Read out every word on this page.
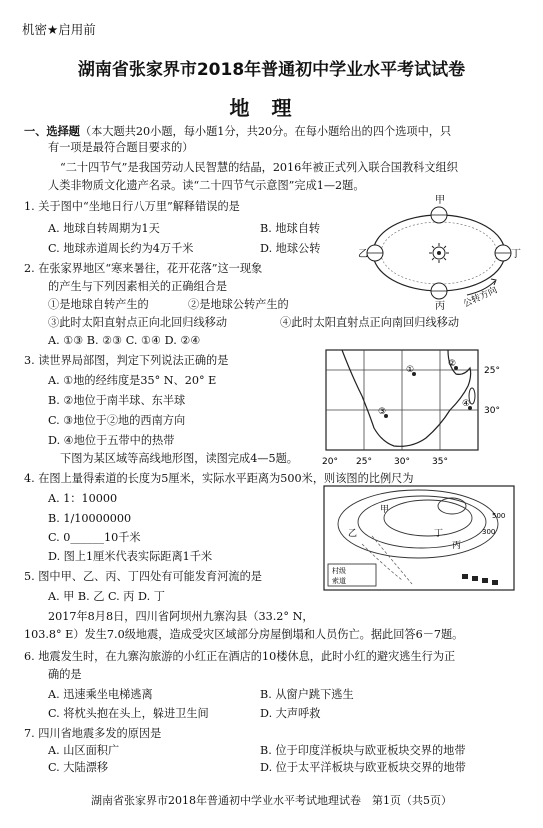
机密★启用前
湖南省张家界市2018年普通初中学业水平考试试卷
地理
一、选择题（本大题共20小题，每小题1分，共20分。在每小题给出的四个选项中，只
有一项是最符合题目要求的）
“二十四节气”是我国劳动人民智慧的结晶，2016年被正式列入联合国教科文组织
人类非物质文化遗产名录。读“二十四节气示意图”完成1—2题。
1. 关于图中“坐地日行八万里”解释错误的是
A. 地球自转周期为1天	B. 地球自转
C. 地球赤道周长约为4万千米	D. 地球公转
2. 在张家界地区“寒来暑往，花开花落”这一现象
的产生与下列因素相关的正确组合是
①是地球自转产生的	②是地球公转产生的
③此时太阳直射点正向北回归线移动	④此时太阳直射点正向南回归线移动
A. ①③ B. ②③ C. ①④ D. ②④
3. 读世界局部图，判定下列说法正确的是
A. ①地的经纬度是35° N、20° E
B. ②地位于南半球、东半球
C. ③地位于②地的西南方向
D. ④地位于五带中的热带
下图为某区域等高线地形图，读图完成4—5题。
4. 在图上量得索道的长度为5厘米，实际水平距离为500米，则该图的比例尺为
A. 1：10000
B. 1/10000000
C. 0______10千米
D. 图上1厘米代表实际距离1千米
5. 图中甲、乙、丙、丁四处有可能发育河流的是
A. 甲 B. 乙 C. 丙 D. 丁
2017年8月8日，四川省阿坝州九寨沟县（33.2° N，
103.8° E）发生7.0级地震，造成受灾区域部分房屋倒塌和人员伤亡。据此回答6－7题。
6. 地震发生时，在九寨沟旅游的小红正在酒店的10楼休息，此时小红的避灾逃生行为正
确的是
A. 迅速乘坐电梯逃离	B. 从窗户跳下逃生
C. 将枕头抱在头上，躲进卫生间	D. 大声呼救
7. 四川省地震多发的原因是
A. 山区面积广	B. 位于印度洋板块与欧亚板块交界的地带
C. 大陆漂移	D. 位于太平洋板块与欧亚板块交界的地带
湖南省张家界市2018年普通初中学业水平考试地理试卷　第1页（共5页）
甲
乙
丙
丁
公转方向
①
②
③
④
25°
30°
20° 25° 30° 35°
甲
乙
丙
丁
500
300
村级
索道
